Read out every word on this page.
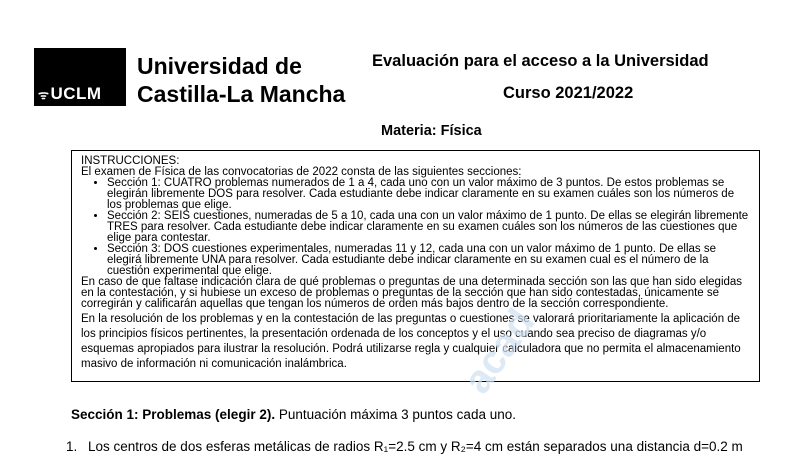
ᯤUCLM
Universidad de
Castilla-La Mancha
Evaluación para el acceso a la Universidad
Curso 2021/2022
Materia: Física

INSTRUCCIONES:

El examen de Física de las convocatorias de 2022 consta de las siguientes secciones:

• Sección 1: CUATRO problemas numerados de 1 a 4, cada uno con un valor máximo de 3 puntos. De estos problemas se elegirán libremente DOS para resolver. Cada estudiante debe indicar claramente en su examen cuáles son los números de los problemas que elige.
• Sección 2: SEIS cuestiones, numeradas de 5 a 10, cada una con un valor máximo de 1 punto. De ellas se elegirán libremente TRES para resolver. Cada estudiante debe indicar claramente en su examen cuáles son los números de las cuestiones que elige para contestar.
• Sección 3: DOS cuestiones experimentales, numeradas 11 y 12, cada una con un valor máximo de 1 punto. De ellas se elegirá libremente UNA para resolver. Cada estudiante debe indicar claramente en su examen cual es el número de la cuestión experimental que elige.

En caso de que faltase indicación clara de qué problemas o preguntas de una determinada sección son las que han sido elegidas en la contestación, y si hubiese un exceso de problemas o preguntas de la sección que han sido contestadas, únicamente se corregirán y calificarán aquellas que tengan los números de orden más bajos dentro de la sección correspondiente.

En la resolución de los problemas y en la contestación de las preguntas o cuestiones se valorará prioritariamente la aplicación de los principios físicos pertinentes, la presentación ordenada de los conceptos y el uso cuando sea preciso de diagramas y/o esquemas apropiados para ilustrar la resolución. Podrá utilizarse regla y cualquier calculadora que no permita el almacenamiento masivo de información ni comunicación inalámbrica.	acad
Sección 1: Problemas (elegir 2). Puntuación máxima 3 puntos cada uno.
1. Los centros de dos esferas metálicas de radios R₁=2.5 cm y R₂=4 cm están separados una distancia d=0.2 m
